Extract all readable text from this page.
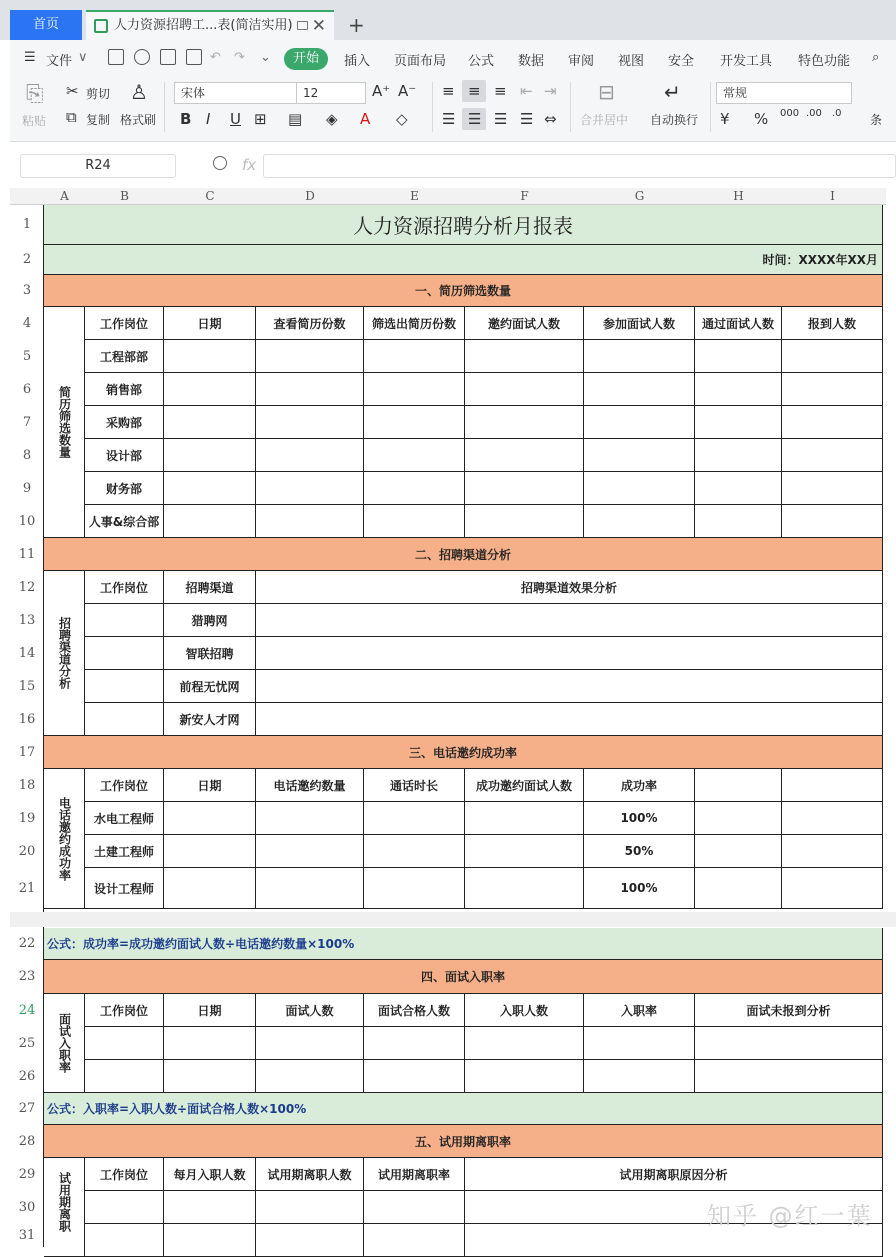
首页	人力资源招聘工...表(简洁实用) ✕ +
☰ 文件 ∨	↶ ↷ ⌄	开始	插入 页面布局 公式 数据 审阅 视图 安全 开发工具 特色功能 ⌕
⎘
粘贴
✂ 剪切
⧉ 复制
♙
格式刷
宋体	12	A⁺ A⁻
B I U ⊞ ▤ ◈ A ◇
≡ ≡ ≡ ⇤ ⇥
☰ ☰ ☰ ☰ ⇔
⊟
合并居中
↵
自动换行
常规
¥ % 000 .00 .0 条
R24	fx
A	B	C	D	E	F	G	H	I
1
2
3
4
5
6
7
8
9
10
11
12
13
14
15
16
17
18
19
20
21
22
23
24
25
26
27
28
29
30
31
人力资源招聘分析月报表
时间：XXXX年XX月
一、简历筛选数量
简历筛选数量
工作岗位	日期	查看简历份数 筛选出简历份数	邀约面试人数	参加面试人数 通过面试人数	报到人数
工程部部
销售部
采购部
设计部
财务部
人事&综合部
二、招聘渠道分析
招聘渠道分析
工作岗位	招聘渠道	招聘渠道效果分析
猎聘网
智联招聘
前程无忧网
新安人才网
三、电话邀约成功率
电话邀约成功率
工作岗位	日期	电话邀约数量	通话时长	成功邀约面试人数	成功率
水电工程师	100%
土建工程师	50%
设计工程师	100%
公式：成功率=成功邀约面试人数÷电话邀约数量×100%
四、面试入职率
面试入职率
工作岗位	日期	面试人数	面试合格人数	入职人数	入职率	面试未报到分析
公式：入职率=入职人数÷面试合格人数×100%
五、试用期离职率
试用期离职 工作岗位 每月入职人数 试用期离职人数 试用期离职率	试用期离职原因分析
知乎 @红一葉
